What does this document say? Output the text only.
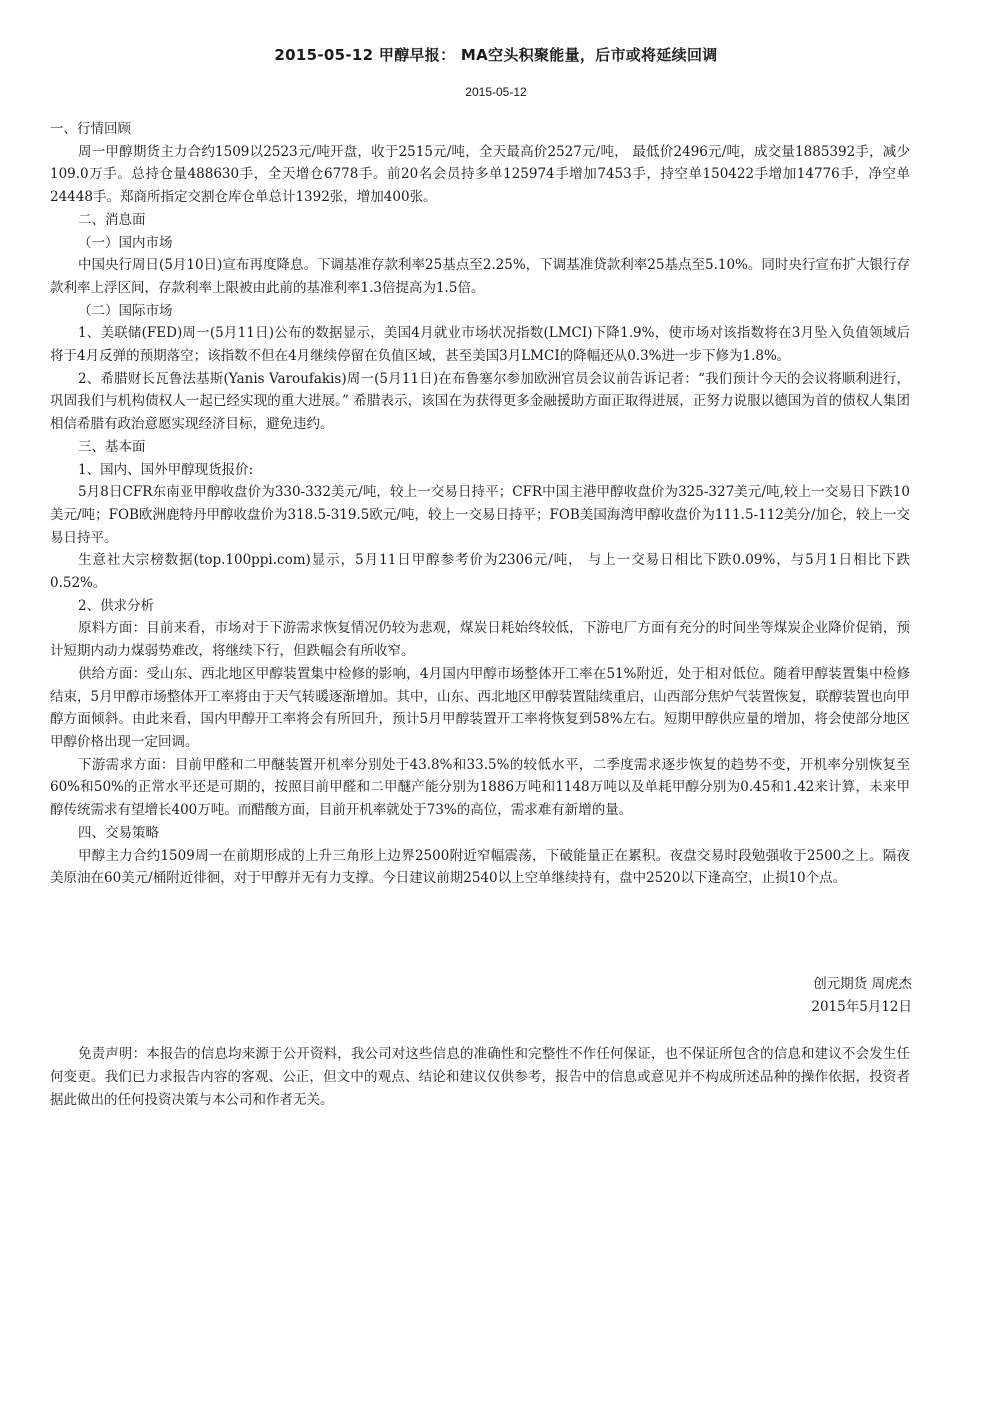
2015-05-12 甲醇早报： MA空头积聚能量，后市或将延续回调
2015-05-12

一、行情回顾

周一甲醇期货主力合约1509以2523元/吨开盘，收于2515元/吨，全天最高价2527元/吨， 最低价2496元/吨，成交量1885392手，减少109.0万手。总持仓量488630手，全天增仓6778手。前20名会员持多单125974手增加7453手，持空单150422手增加14776手，净空单24448手。郑商所指定交割仓库仓单总计1392张，增加400张。

二、消息面

（一）国内市场

中国央行周日(5月10日)宣布再度降息。下调基准存款利率25基点至2.25%，下调基准贷款利率25基点至5.10%。同时央行宣布扩大银行存款利率上浮区间，存款利率上限被由此前的基准利率1.3倍提高为1.5倍。

（二）国际市场

1、美联储(FED)周一(5月11日)公布的数据显示，美国4月就业市场状况指数(LMCI)下降1.9%，使市场对该指数将在3月坠入负值领域后将于4月反弹的预期落空；该指数不但在4月继续停留在负值区域，甚至美国3月LMCI的降幅还从0.3%进一步下修为1.8%。

2、希腊财长瓦鲁法基斯(Yanis Varoufakis)周一(5月11日)在布鲁塞尔参加欧洲官员会议前告诉记者：“我们预计今天的会议将顺利进行，巩固我们与机构债权人一起已经实现的重大进展。” 希腊表示，该国在为获得更多金融援助方面正取得进展，正努力说服以德国为首的债权人集团相信希腊有政治意愿实现经济目标，避免违约。

三、基本面

1、国内、国外甲醇现货报价:

5月8日CFR东南亚甲醇收盘价为330-332美元/吨，较上一交易日持平；CFR中国主港甲醇收盘价为325-327美元/吨,较上一交易日下跌10美元/吨；FOB欧洲鹿特丹甲醇收盘价为318.5-319.5欧元/吨，较上一交易日持平；FOB美国海湾甲醇收盘价为111.5-112美分/加仑，较上一交易日持平。

生意社大宗榜数据(top.100ppi.com)显示，5月11日甲醇参考价为2306元/吨， 与上一交易日相比下跌0.09%，与5月1日相比下跌0.52%。

2、供求分析

原料方面：目前来看，市场对于下游需求恢复情况仍较为悲观，煤炭日耗始终较低，下游电厂方面有充分的时间坐等煤炭企业降价促销，预计短期内动力煤弱势难改，将继续下行，但跌幅会有所收窄。

供给方面：受山东、西北地区甲醇装置集中检修的影响，4月国内甲醇市场整体开工率在51%附近，处于相对低位。随着甲醇装置集中检修结束，5月甲醇市场整体开工率将由于天气转暖逐渐增加。其中，山东、西北地区甲醇装置陆续重启，山西部分焦炉气装置恢复，联醇装置也向甲醇方面倾斜。由此来看，国内甲醇开工率将会有所回升，预计5月甲醇装置开工率将恢复到58%左右。短期甲醇供应量的增加，将会使部分地区甲醇价格出现一定回调。

下游需求方面：目前甲醛和二甲醚装置开机率分别处于43.8%和33.5%的较低水平，二季度需求逐步恢复的趋势不变，开机率分别恢复至60%和50%的正常水平还是可期的，按照目前甲醛和二甲醚产能分别为1886万吨和1148万吨以及单耗甲醇分别为0.45和1.42来计算，未来甲醇传统需求有望增长400万吨。而醋酸方面，目前开机率就处于73%的高位，需求难有新增的量。

四、交易策略

甲醇主力合约1509周一在前期形成的上升三角形上边界2500附近窄幅震荡，下破能量正在累积。夜盘交易时段勉强收于2500之上。隔夜美原油在60美元/桶附近徘徊，对于甲醇并无有力支撑。今日建议前期2540以上空单继续持有，盘中2520以下逢高空，止损10个点。

创元期货 周虎杰
2015年5月12日
免责声明：本报告的信息均来源于公开资料，我公司对这些信息的准确性和完整性不作任何保证，也不保证所包含的信息和建议不会发生任何变更。我们已力求报告内容的客观、公正，但文中的观点、结论和建议仅供参考，报告中的信息或意见并不构成所述品种的操作依据，投资者据此做出的任何投资决策与本公司和作者无关。
